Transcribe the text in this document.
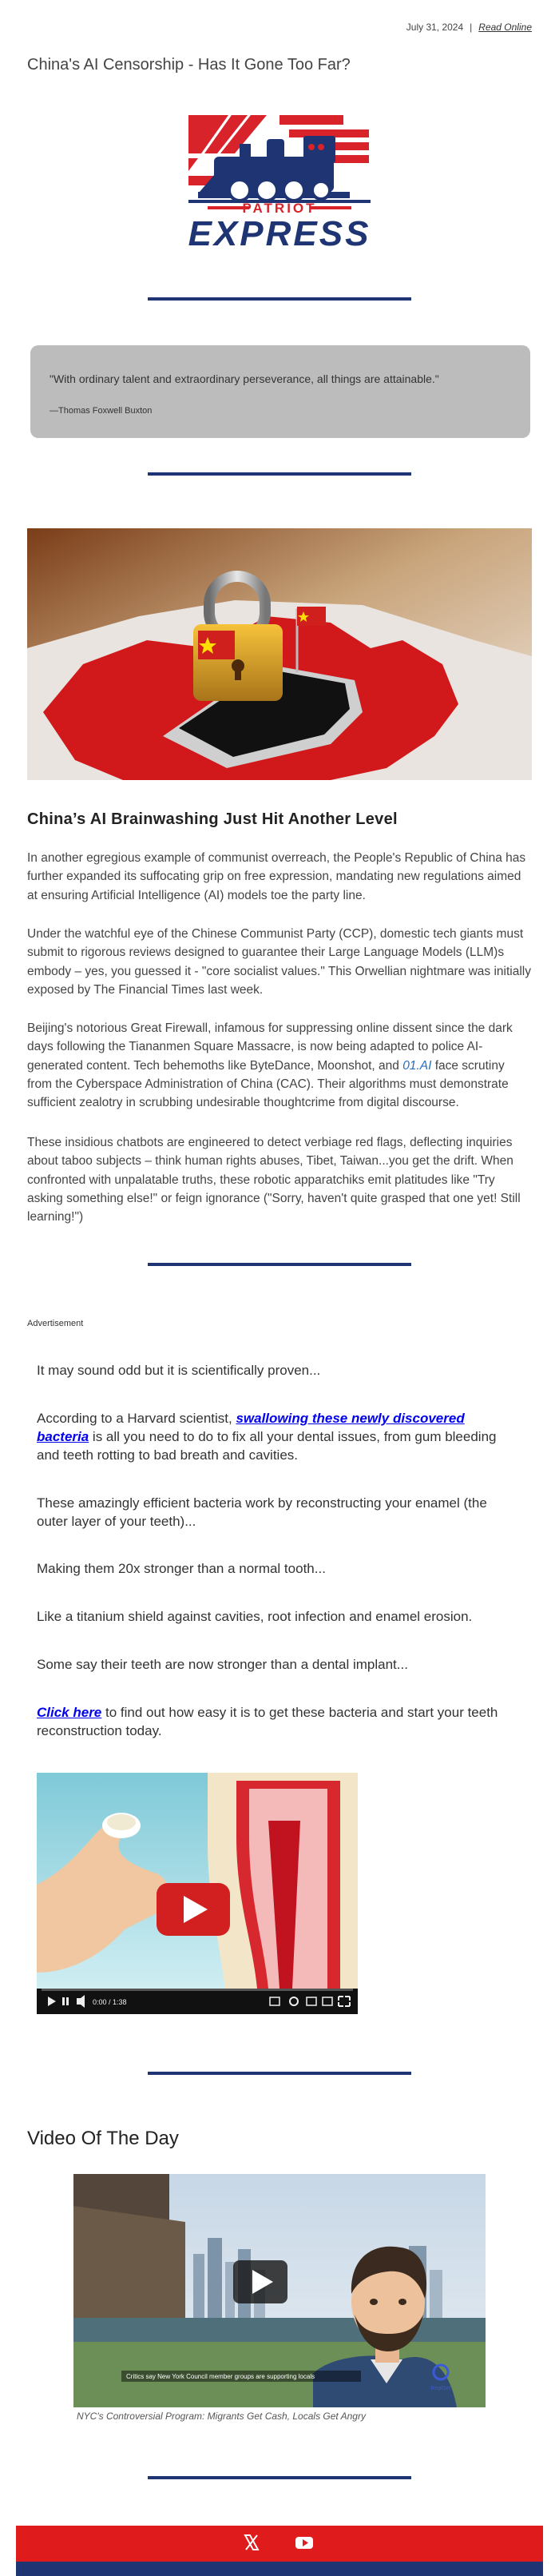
July 31, 2024 | Read Online
China's AI Censorship - Has It Gone Too Far?
PATRIOT
EXPRESS
"With ordinary talent and extraordinary perseverance, all things are attainable."
—Thomas Foxwell Buxton
China’s AI Brainwashing Just Hit Another Level

In another egregious example of communist overreach, the People's Republic of China has further expanded its suffocating grip on free expression, mandating new regulations aimed at ensuring Artificial Intelligence (AI) models toe the party line.

Under the watchful eye of the Chinese Communist Party (CCP), domestic tech giants must submit to rigorous reviews designed to guarantee their Large Language Models (LLM)s embody – yes, you guessed it - "core socialist values." This Orwellian nightmare was initially exposed by The Financial Times last week.

Beijing's notorious Great Firewall, infamous for suppressing online dissent since the dark days following the Tiananmen Square Massacre, is now being adapted to police AI-generated content. Tech behemoths like ByteDance, Moonshot, and 01.AI face scrutiny from the Cyberspace Administration of China (CAC). Their algorithms must demonstrate sufficient zealotry in scrubbing undesirable thoughtcrime from digital discourse.

These insidious chatbots are engineered to detect verbiage red flags, deflecting inquiries about taboo subjects – think human rights abuses, Tibet, Taiwan...you get the drift. When confronted with unpalatable truths, these robotic apparatchiks emit platitudes like "Try asking something else!" or feign ignorance ("Sorry, haven't quite grasped that one yet! Still learning!")

Advertisement

It may sound odd but it is scientifically proven...

According to a Harvard scientist, swallowing these newly discovered bacteria is all you need to do to fix all your dental issues, from gum bleeding and teeth rotting to bad breath and cavities.

These amazingly efficient bacteria work by reconstructing your enamel (the outer layer of your teeth)...

Making them 20x stronger than a normal tooth...

Like a titanium shield against cavities, root infection and enamel erosion.

Some say their teeth are now stronger than a dental implant...

Click here to find out how easy it is to get these bacteria and start your teeth reconstruction today.

0:00 / 1:38
Video Of The Day
Critics say New York Council member groups are supporting locals
ReplSet
NYC's Controversial Program: Migrants Get Cash, Locals Get Angry
